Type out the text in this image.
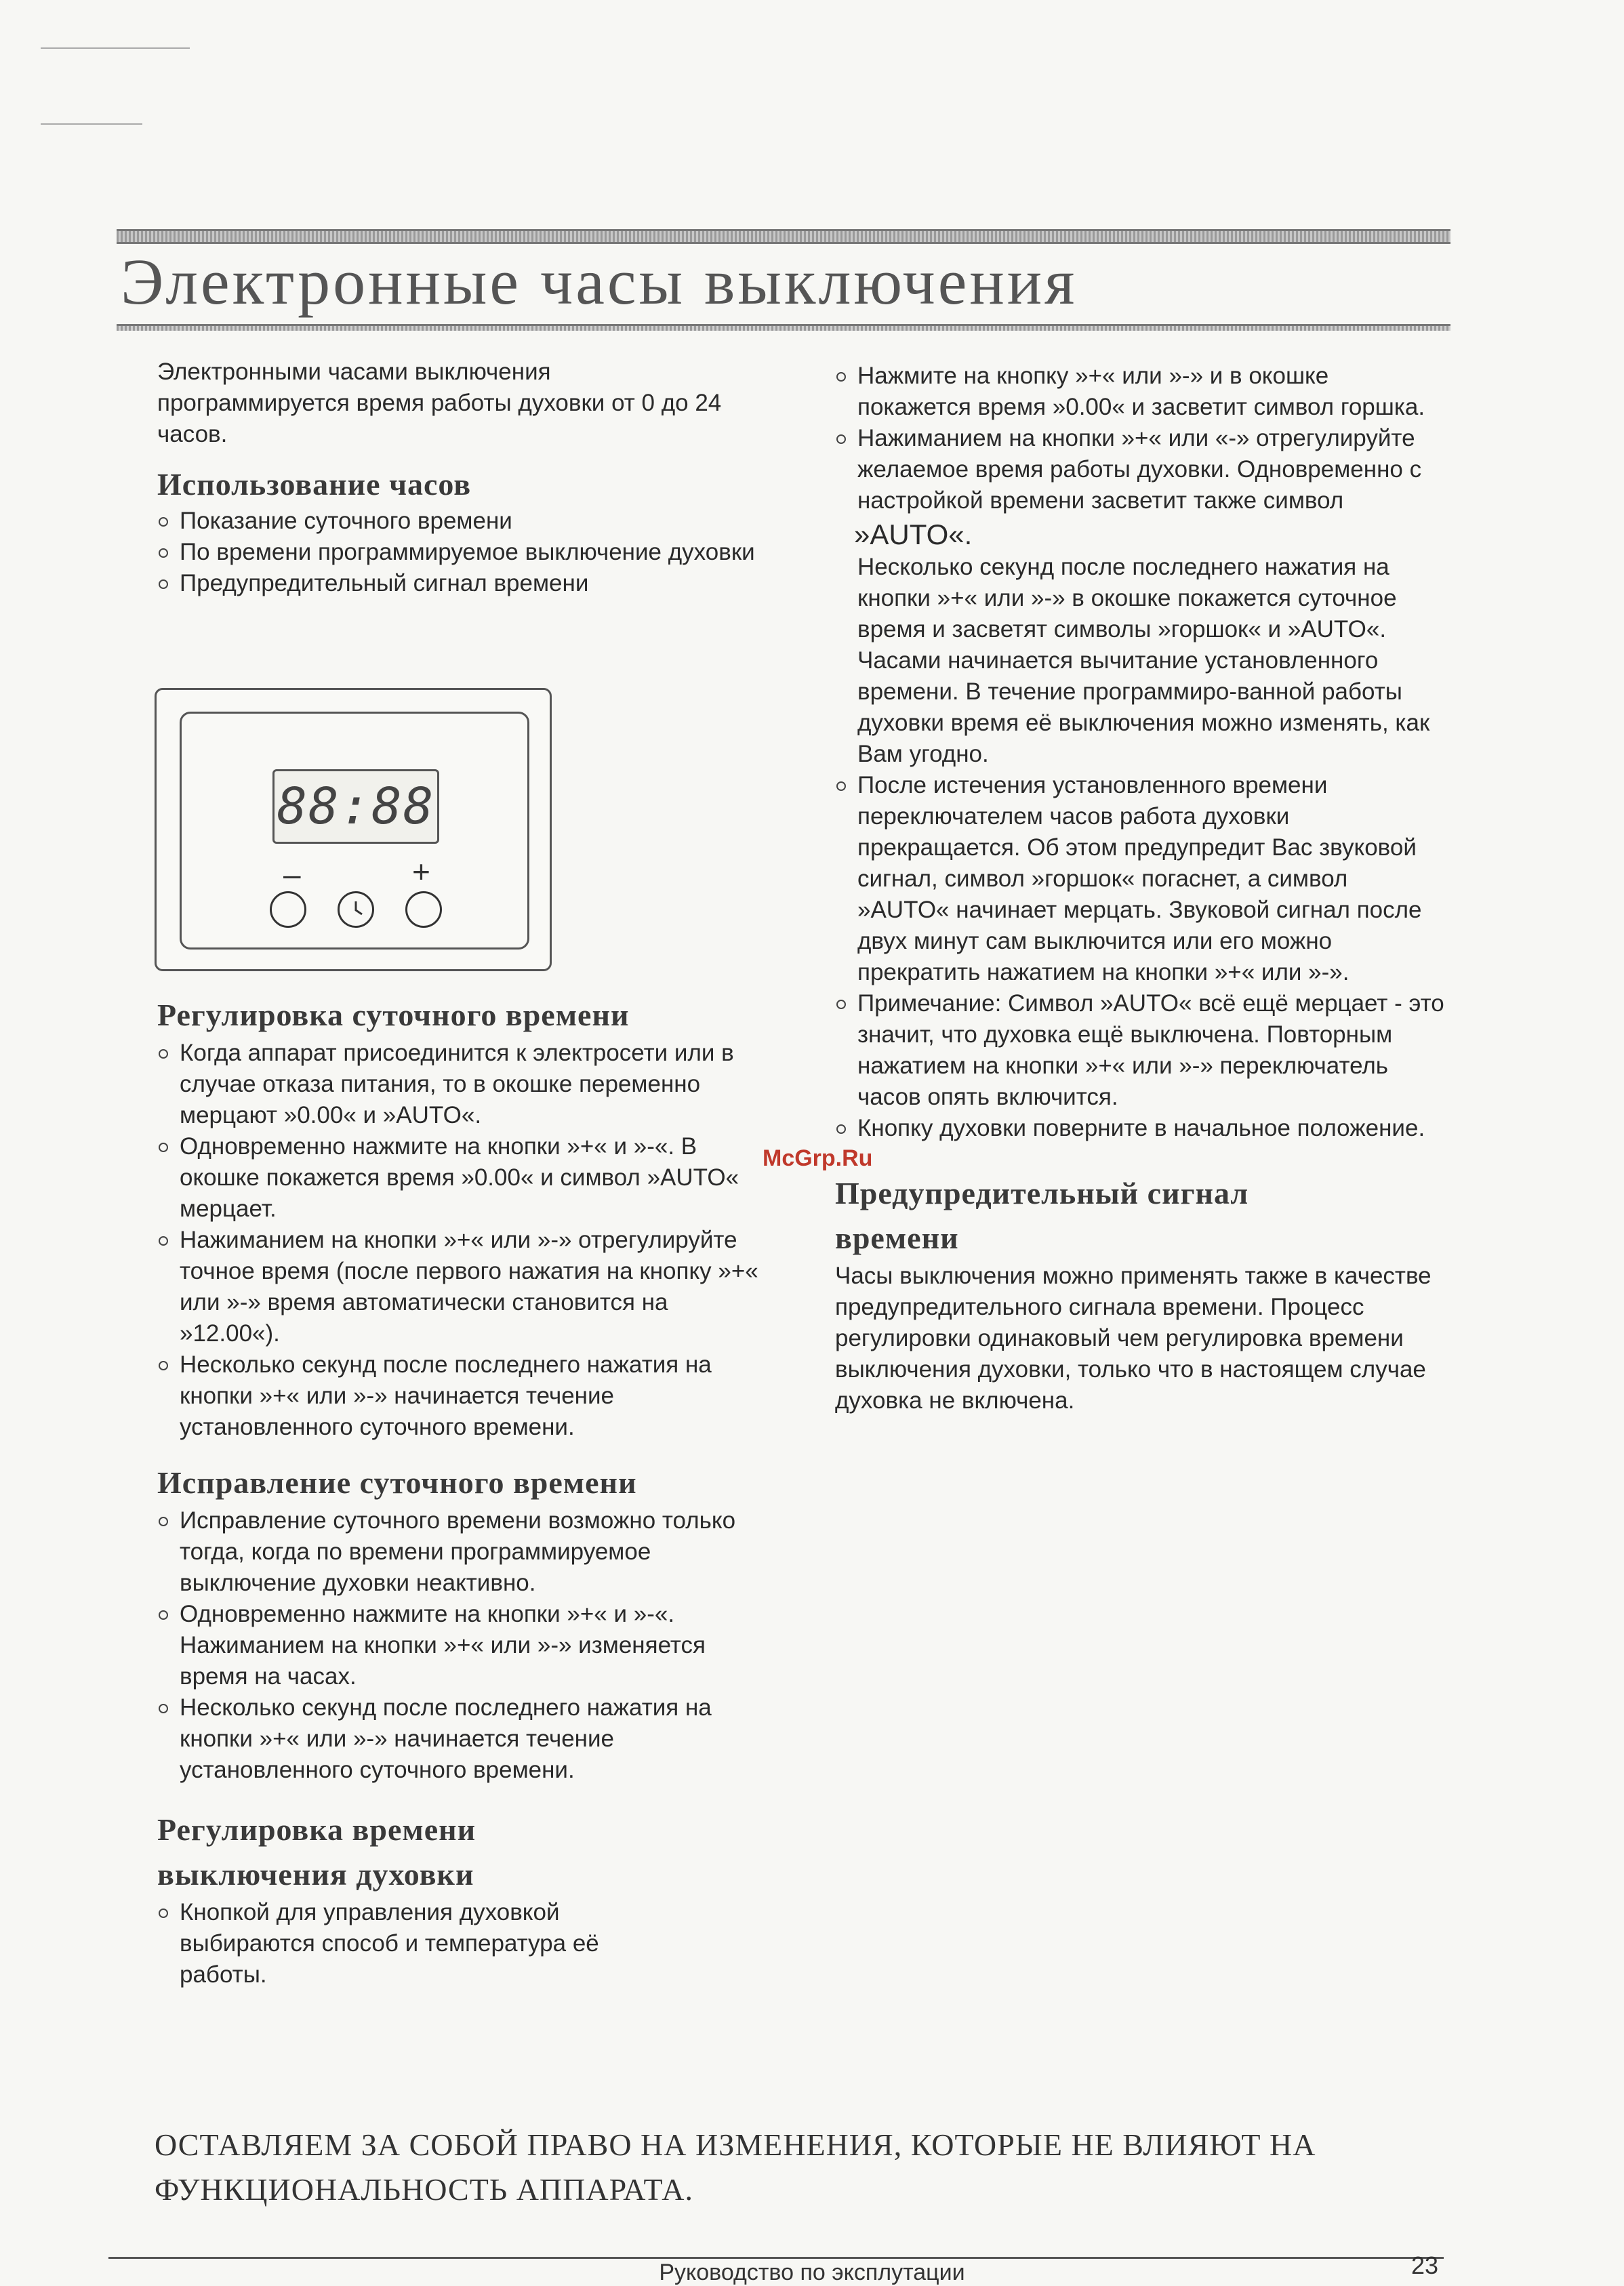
Электронные часы выключения

Электронными часами выключения программируется время работы духовки от 0 до 24 часов.

Использование часов
Показание суточного времени
По времени программируемое выключение духовки
Предупредительный сигнал времени
88:88
–	+
Регулировка суточного времени
Когда аппарат присоединится к электросети или в случае отказа питания, то в окошке переменно мерцают »0.00« и »AUTO«.
Одновременно нажмите на кнопки »+« и »-«. В окошке покажется время »0.00« и символ »AUTO« мерцает.
Нажиманием на кнопки »+« или »-» отрегулируйте точное время (после первого нажатия на кнопку »+« или »-» время автоматически становится на »12.00«).
Несколько секунд после последнего нажатия на кнопки »+« или »-» начинается течение установленного суточного времени.
Исправление суточного времени
Исправление суточного времени возможно только тогда, когда по времени программируемое выключение духовки неактивно.
Одновременно нажмите на кнопки »+« и »-«. Нажиманием на кнопки »+« или »-» изменяется время на часах.
Несколько секунд после последнего нажатия на кнопки »+« или »-» начинается течение установленного суточного времени.
Регулировка времени
выключения духовки
Кнопкой для управления духовкой выбираются способ и температура её работы.
Нажмите на кнопку »+« или »-» и в окошке покажется время »0.00« и засветит символ горшка.
Нажиманием на кнопки »+« или «-» отрегулируйте желаемое время работы духовки. Одновременно с настройкой времени засветит также символ

»AUTO«.

Несколько секунд после последнего нажатия на кнопки »+« или »-» в окошке покажется суточное время и засветят символы »горшок« и »AUTO«. Часами начинается вычитание установленного времени. В течение программиро-ванной работы духовки время её выключения можно изменять, как Вам угодно.

После истечения установленного времени переключателем часов работа духовки прекращается. Об этом предупредит Вас звуковой сигнал, символ »горшок« погаснет, а символ »AUTO« начинает мерцать. Звуковой сигнал после двух минут сам выключится или его можно прекратить нажатием на кнопки »+« или »-».
Примечание: Символ »AUTO« всё ещё мерцает - это значит, что духовка ещё выключена. Повторным нажатием на кнопки »+« или »-» переключатель часов опять включится.
Кнопку духовки поверните в начальное положение.
Предупредительный сигнал
времени

Часы выключения можно применять также в качестве предупредительного сигнала времени. Процесс регулировки одинаковый чем регулировка времени выключения духовки, только что в настоящем случае духовка не включена.

McGrp.Ru

ОСТАВЛЯЕМ ЗА СОБОЙ ПРАВО НА ИЗМЕНЕНИЯ, КОТОРЫЕ НЕ ВЛИЯЮТ НА ФУНКЦИОНАЛЬНОСТЬ АППАРАТА.

Руководство по эксплутации	23
